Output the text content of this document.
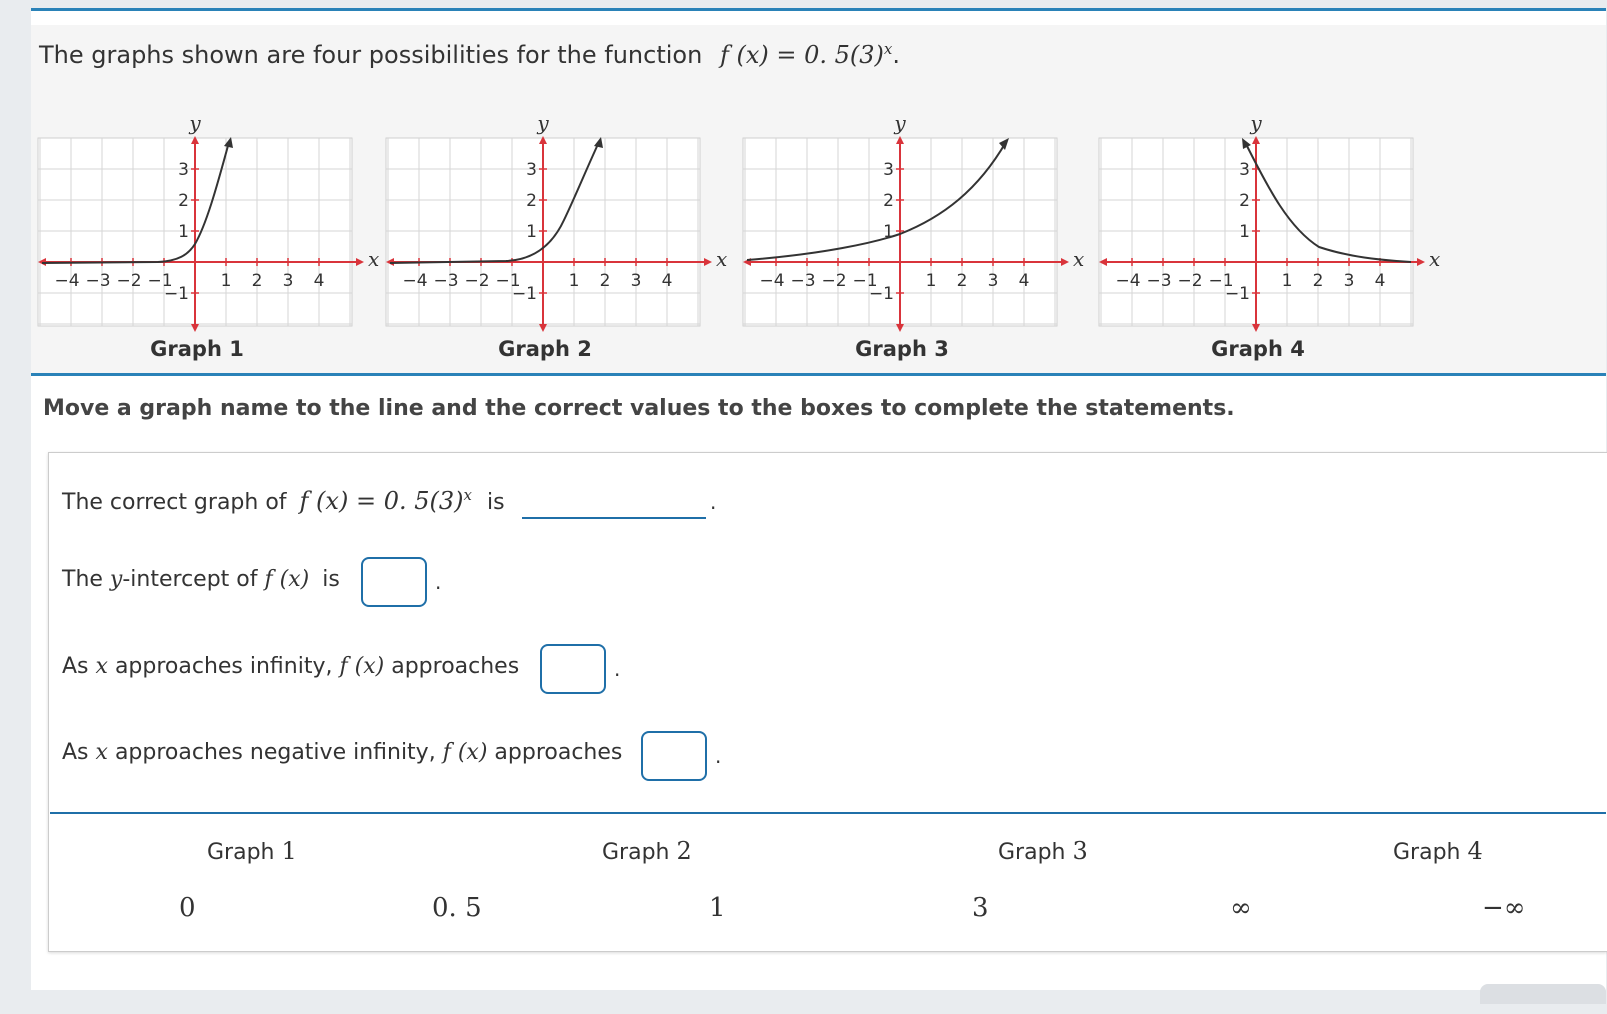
The graphs shown are four possibilities for the function f (x) = 0. $5(3)^x$.
−4 −3 −2 −1	1 2 3 4
3
2
1
−1
y
x
−4 −3 −2 −1	1 2 3 4
3
2
1
−1
y
x
−4 −3 −2 −1	1 2 3 4
3
2
1
−1
y
x
−4 −3 −2 −1	1 2 3 4
3
2
1
−1
y
x
Graph 1	Graph 2	Graph 3	Graph 4
Move a graph name to the line and the correct values to the boxes to complete the statements.
The correct graph of f (x) = 0. $5(3)^x$ is	.
The y-intercept of f (x) is	.
As x approaches infinity, f (x) approaches	.
As x approaches negative infinity, f (x) approaches	.
Graph 1	Graph 2	Graph 3	Graph 4
0	0. 5	1	3	∞	−∞
